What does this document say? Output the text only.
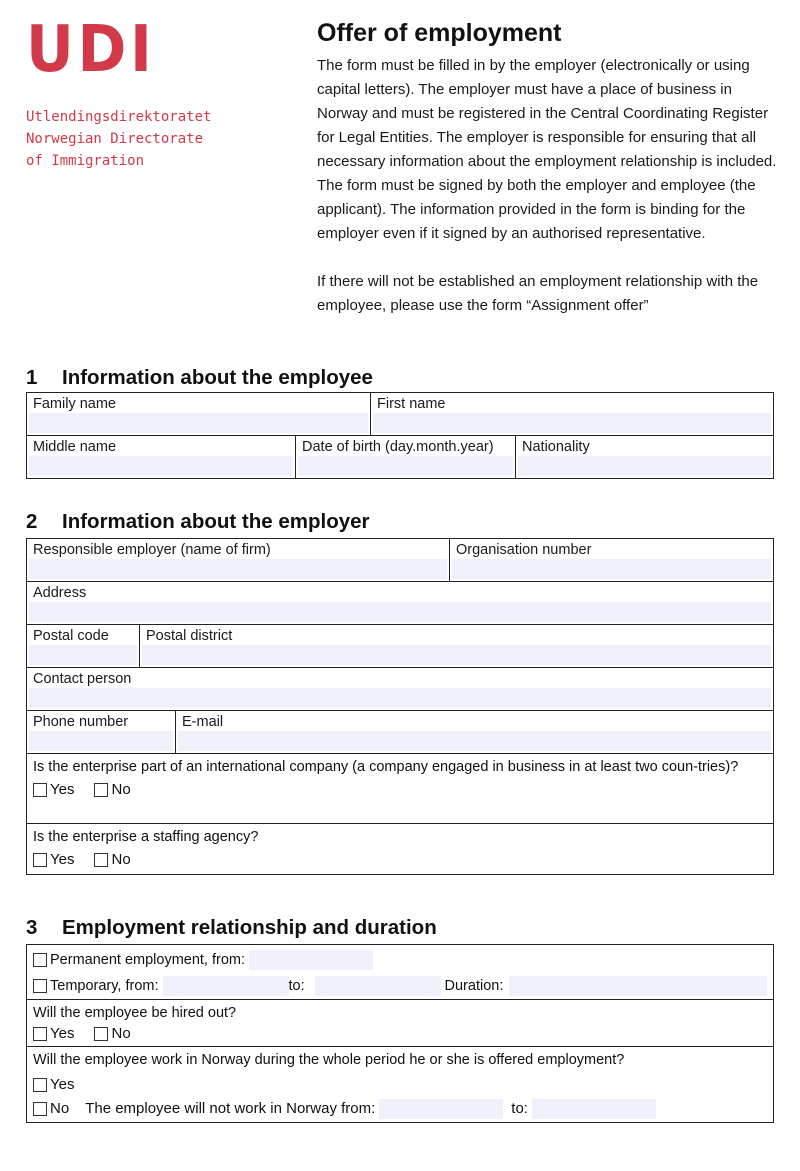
UDI
Utlendingsdirektoratet
Norwegian Directorate
of Immigration
Offer of employment

The form must be filled in by the employer (electronically or using capital letters). The employer must have a place of business in Norway and must be registered in the Central Coordinating Register for Legal Entities. The employer is responsible for ensuring that all necessary information about the employment relationship is included. The form must be signed by both the employer and employee (the applicant). The information provided in the form is binding for the employer even if it signed by an authorised representative.

If there will not be established an employment relationship with the employee, please use the form “Assignment offer”

1 Information about the employee
Family name	First name
Middle name	Date of birth (day.month.year) Nationality
2 Information about the employer
Responsible employer (name of firm)	Organisation number
Address
Postal code	Postal district
Contact person
Phone number	E-mail
Is the enterprise part of an international company (a company engaged in business in at least two coun-tries)?
Yes No
Is the enterprise a staffing agency?
Yes No
3 Employment relationship and duration
Permanent employment, from:
Temporary, from:	to:	Duration:
Will the employee be hired out?
Yes No
Will the employee work in Norway during the whole period he or she is offered employment?
Yes
No The employee will not work in Norway from:	to:
